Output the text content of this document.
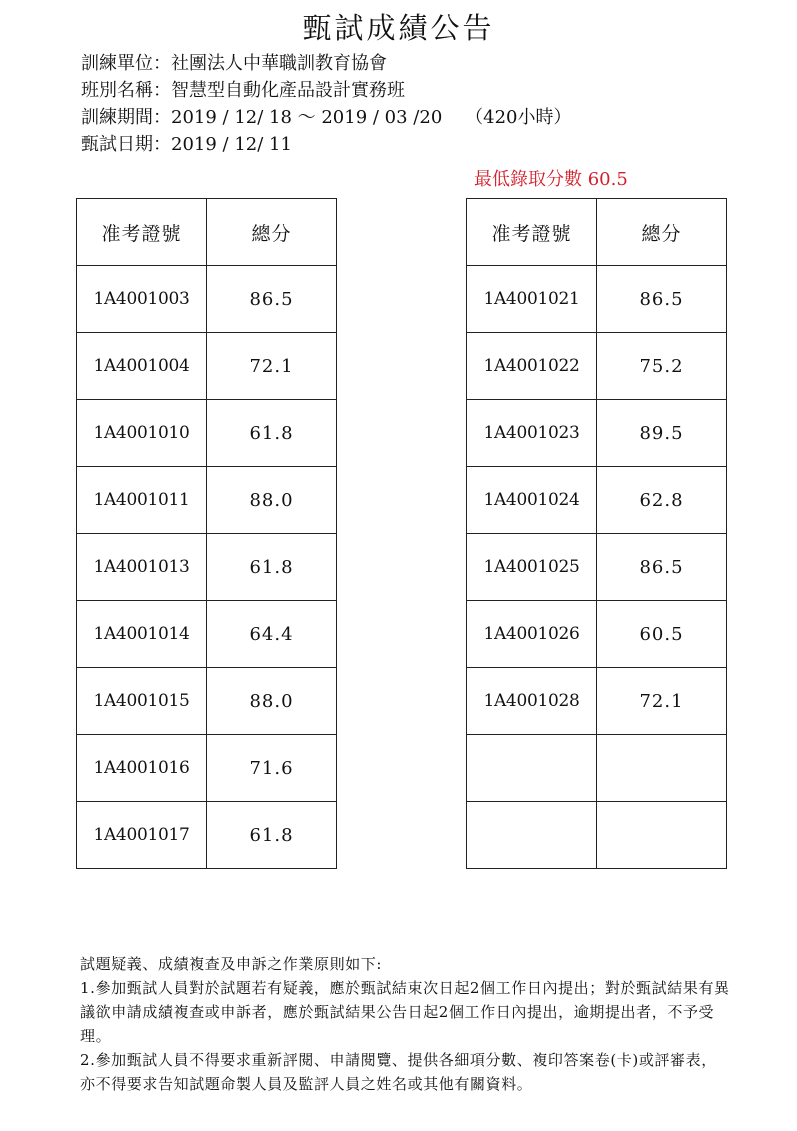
甄試成績公告
訓練單位：社團法人中華職訓教育協會
班別名稱：智慧型自動化產品設計實務班
訓練期間：2019 / 12/ 18 ～ 2019 / 03 /20    （420小時）
甄試日期：2019 / 12/ 11
最低錄取分數 60.5
准考證號	總分
1A4001003	86.5
1A4001004	72.1
1A4001010	61.8
1A4001011	88.0
1A4001013	61.8
1A4001014	64.4
1A4001015	88.0
1A4001016	71.6
1A4001017	61.8
准考證號	總分
1A4001021	86.5
1A4001022	75.2
1A4001023	89.5
1A4001024	62.8
1A4001025	86.5
1A4001026	60.5
1A4001028	72.1

試題疑義、成績複查及申訴之作業原則如下:

1.參加甄試人員對於試題若有疑義，應於甄試結束次日起2個工作日內提出；對於甄試結果有異議欲申請成績複查或申訴者，應於甄試結果公告日起2個工作日內提出，逾期提出者，不予受理。

2.參加甄試人員不得要求重新評閱、申請閱覽、提供各細項分數、複印答案卷(卡)或評審表，亦不得要求告知試題命製人員及監評人員之姓名或其他有關資料。
